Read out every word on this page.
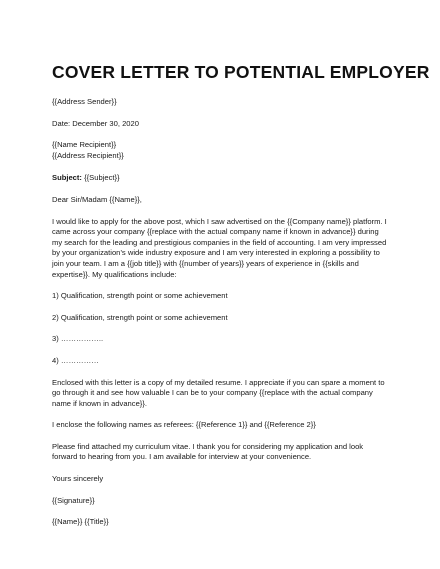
COVER LETTER TO POTENTIAL EMPLOYER

{{Address Sender}}

Date: December 30, 2020

{{Name Recipient}}

{{Address Recipient}}

Subject: {{Subject}}

Dear Sir/Madam {{Name}},

I would like to apply for the above post, which I saw advertised on the {{Company name}} platform. I came across your company {{replace with the actual company name if known in advance}} during my search for the leading and prestigious companies in the field of accounting. I am very impressed by your organization’s wide industry exposure and I am very interested in exploring a possibility to join your team. I am a {{job title}} with {{number of years}} years of experience in {{skills and expertise}}. My qualifications include:

1) Qualification, strength point or some achievement

2) Qualification, strength point or some achievement

3) ……………..

4) ……………

Enclosed with this letter is a copy of my detailed resume. I appreciate if you can spare a moment to go through it and see how valuable I can be to your company {{replace with the actual company name if known in advance}}.

I enclose the following names as referees: {{Reference 1}} and {{Reference 2}}

Please find attached my curriculum vitae. I thank you for considering my application and look forward to hearing from you. I am available for interview at your convenience.

Yours sincerely

{{Signature}}

{{Name}} {{Title}}
